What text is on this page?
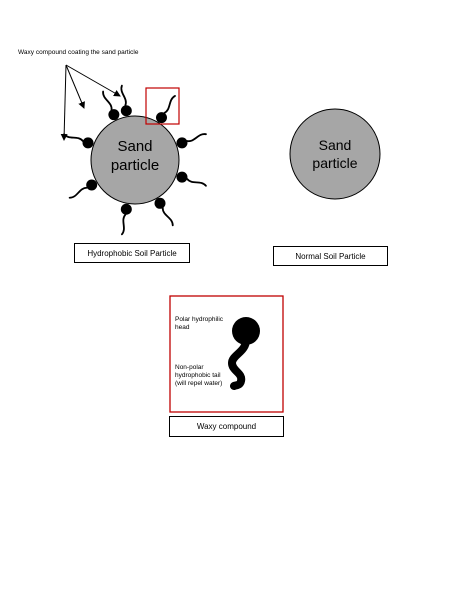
Sand
particle
Sand
particle
Waxy compound coating the sand particle
Polar hydrophilic
head
Non-polar
hydrophobic tail
(will repel water)
Hydrophobic Soil Particle	Normal Soil Particle
Waxy compound
